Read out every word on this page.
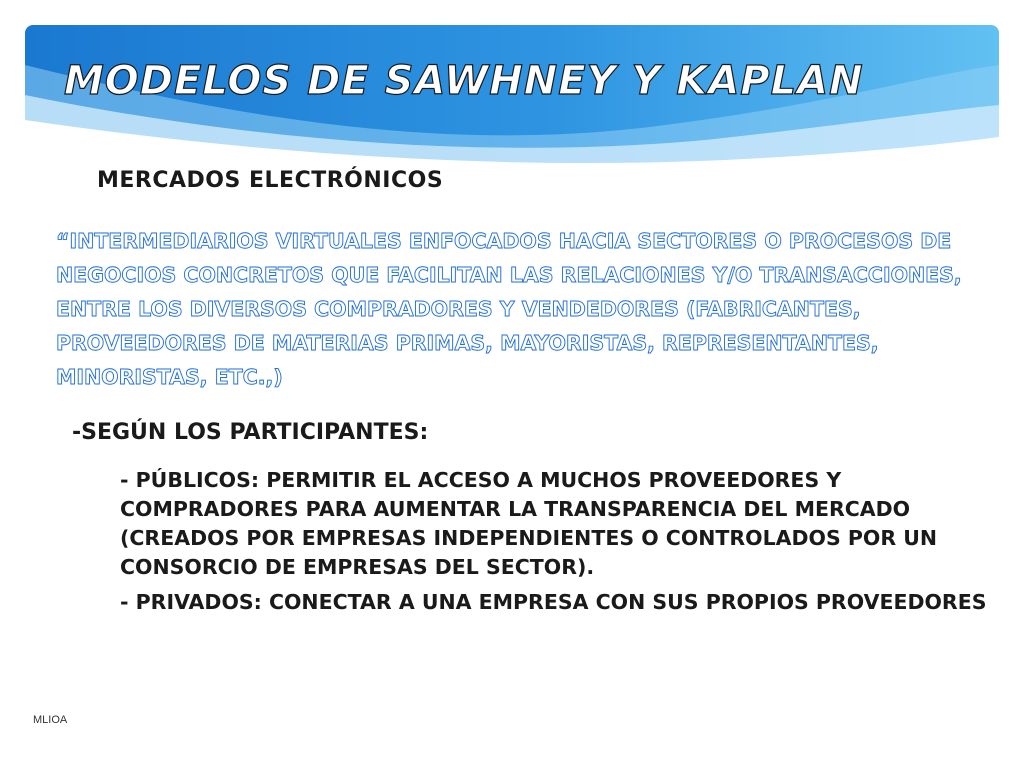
MODELOS DE SAWHNEY Y KAPLAN
MERCADOS ELECTRÓNICOS

“INTERMEDIARIOS VIRTUALES ENFOCADOS HACIA SECTORES O PROCESOS DE NEGOCIOS CONCRETOS QUE FACILITAN LAS RELACIONES Y/O TRANSACCIONES, ENTRE LOS DIVERSOS COMPRADORES Y VENDEDORES (FABRICANTES, PROVEEDORES DE MATERIAS PRIMAS, MAYORISTAS, REPRESENTANTES, MINORISTAS, ETC.,)

-SEGÚN LOS PARTICIPANTES:
- PÚBLICOS: PERMITIR EL ACCESO A MUCHOS PROVEEDORES Y COMPRADORES PARA AUMENTAR LA TRANSPARENCIA DEL MERCADO (CREADOS POR EMPRESAS INDEPENDIENTES O CONTROLADOS POR UN CONSORCIO DE EMPRESAS DEL SECTOR).
- PRIVADOS: CONECTAR A UNA EMPRESA CON SUS PROPIOS PROVEEDORES

MLIOA
